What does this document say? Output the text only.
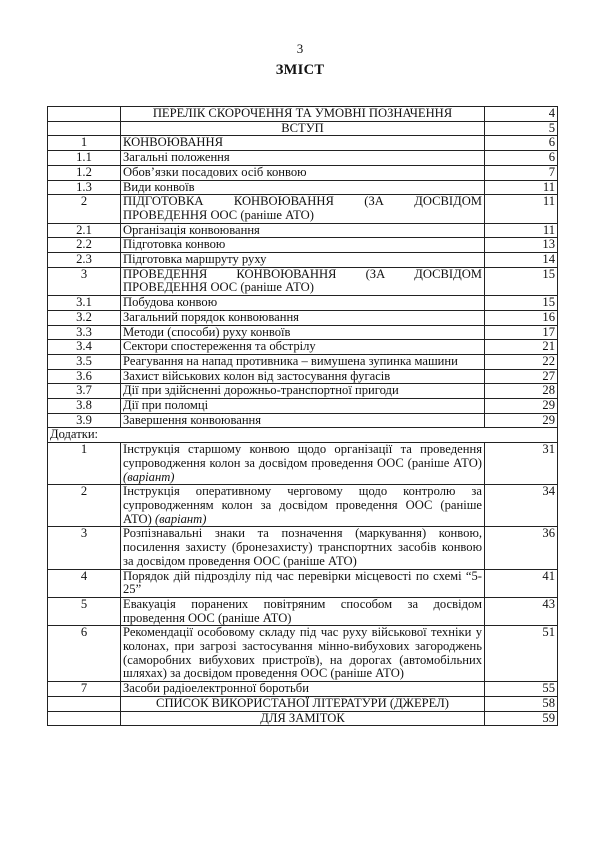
3
ЗМІСТ
	ПЕРЕЛІК СКОРОЧЕННЯ ТА УМОВНІ ПОЗНАЧЕННЯ	4
	ВСТУП	5
1	КОНВОЮВАННЯ	6
1.1	Загальні положення	6
1.2	Обов’язки посадових осіб конвою	7
1.3	Види конвоїв	11
2	ПІДГОТОВКА КОНВОЮВАННЯ (ЗА ДОСВІДОМ ПРОВЕДЕННЯ ООС (раніше АТО)	11
2.1	Організація конвоювання	11
2.2	Підготовка конвою	13
2.3	Підготовка маршруту руху	14
3	ПРОВЕДЕННЯ КОНВОЮВАННЯ (ЗА ДОСВІДОМ ПРОВЕДЕННЯ ООС (раніше АТО)	15
3.1	Побудова конвою	15
3.2	Загальний порядок конвоювання	16
3.3	Методи (способи) руху конвоїв	17
3.4	Сектори спостереження та обстрілу	21
3.5	Реагування на напад противника – вимушена зупинка машини	22
3.6	Захист військових колон від застосування фугасів	27
3.7	Дії при здійсненні дорожньо-транспортної пригоди	28
3.8	Дії при поломці	29
3.9	Завершення конвоювання	29
Додатки:		
1	Інструкція старшому конвою щодо організації та проведення супроводження колон за досвідом проведення ООС (раніше АТО) (варіант)	31
2	Інструкція оперативному черговому щодо контролю за супроводженням колон за досвідом проведення ООС (раніше АТО) (варіант)	34
3	Розпізнавальні знаки та позначення (маркування) конвою, посилення захисту (бронезахисту) транспортних засобів конвою за досвідом проведення ООС (раніше АТО)	36
4	Порядок дій підрозділу під час перевірки місцевості по схемі “5-25”	41
5	Евакуація поранених повітряним способом за досвідом проведення ООС (раніше АТО)	43
6	Рекомендації особовому складу під час руху військової техніки у колонах, при загрозі застосування мінно-вибухових загороджень (саморобних вибухових пристроїв), на дорогах (автомобільних шляхах) за досвідом проведення ООС (раніше АТО)	51
7	Засоби радіоелектронної боротьби	55
	СПИСОК ВИКОРИСТАНОЇ ЛІТЕРАТУРИ (ДЖЕРЕЛ)	58
	ДЛЯ ЗАМІТОК	59
